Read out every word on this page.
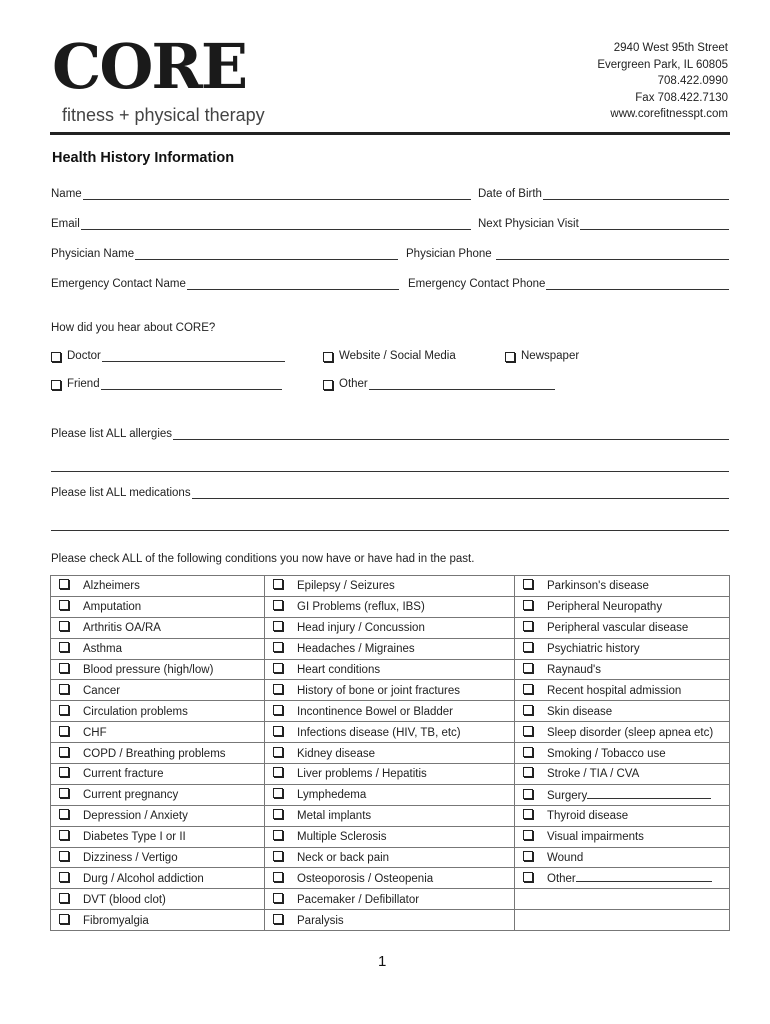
CORE
fitness + physical therapy
2940 West 95th Street
Evergreen Park, IL 60805
708.422.0990
Fax 708.422.7130
www.corefitnesspt.com
Health History Information
Name	Date of Birth
Email	Next Physician Visit
Physician Name	Physician Phone
Emergency Contact Name	Emergency Contact Phone
How did you hear about CORE?
Doctor	Website / Social Media	Newspaper
Friend	Other
Please list ALL allergies
Please list ALL medications
Please check ALL of the following conditions you now have or have had in the past.
Alzheimers	Epilepsy / Seizures	Parkinson's disease
Amputation	GI Problems (reflux, IBS)	Peripheral Neuropathy
Arthritis OA/RA	Head injury / Concussion	Peripheral vascular disease
Asthma	Headaches / Migraines	Psychiatric history
Blood pressure (high/low)	Heart conditions	Raynaud's
Cancer	History of bone or joint fractures	Recent hospital admission
Circulation problems	Incontinence Bowel or Bladder	Skin disease
CHF	Infections disease (HIV, TB, etc)	Sleep disorder (sleep apnea etc)
COPD / Breathing problems	Kidney disease	Smoking / Tobacco use
Current fracture	Liver problems / Hepatitis	Stroke / TIA / CVA
Current pregnancy	Lymphedema	Surgery
Depression / Anxiety	Metal implants	Thyroid disease
Diabetes Type I or II	Multiple Sclerosis	Visual impairments
Dizziness / Vertigo	Neck or back pain	Wound
Durg / Alcohol addiction	Osteoporosis / Osteopenia	Other
DVT (blood clot)	Pacemaker / Defibillator	
Fibromyalgia	Paralysis	
1
